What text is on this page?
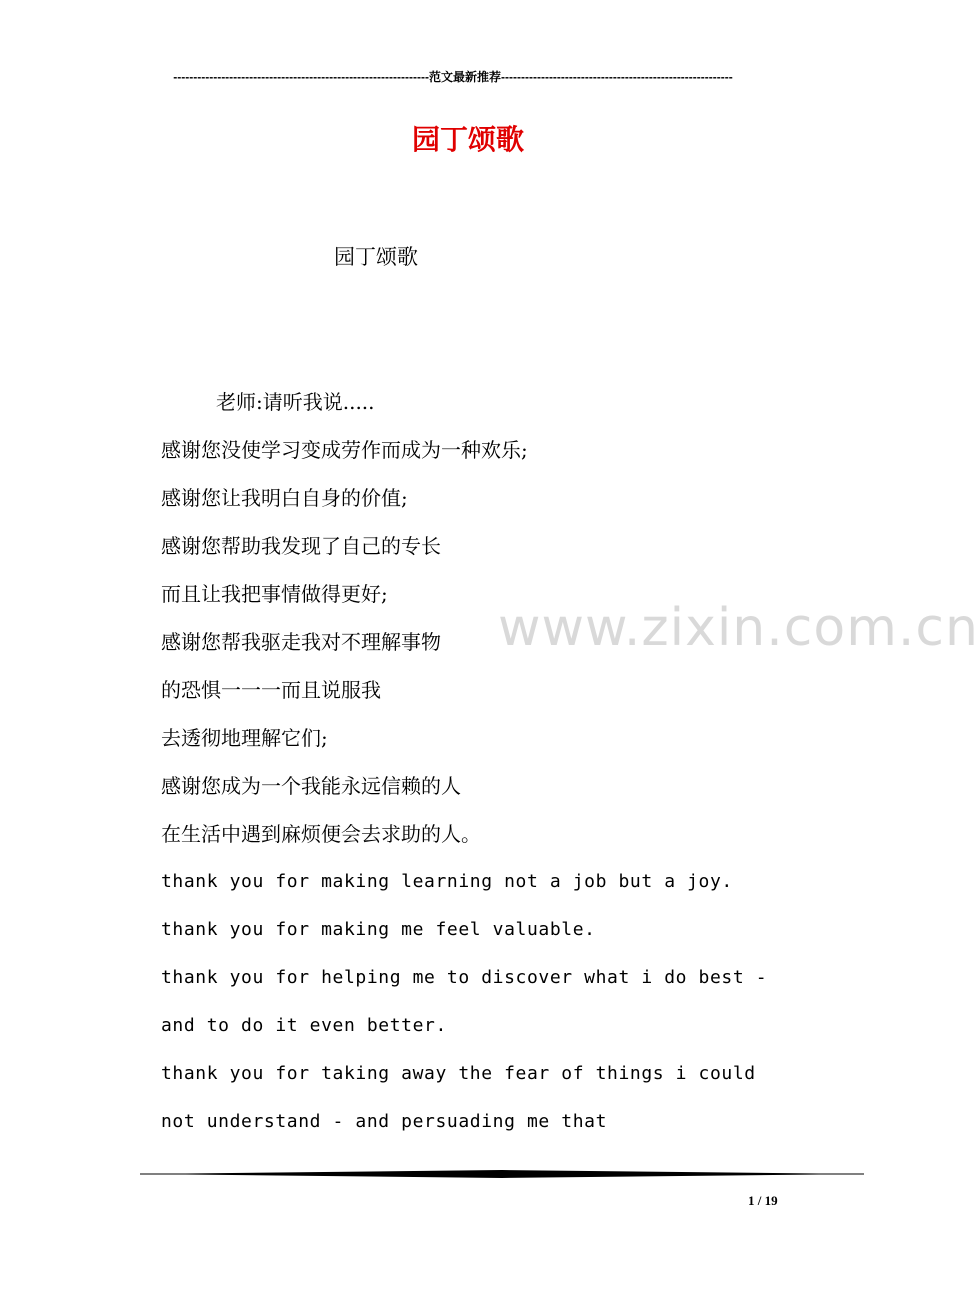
----------------------------------------------------------------范文最新推荐----------------------------------------------------------
园丁颂歌
园丁颂歌
老师:请听我说.....
感谢您没使学习变成劳作而成为一种欢乐;
感谢您让我明白自身的价值;
感谢您帮助我发现了自己的专长
而且让我把事情做得更好;
感谢您帮我驱走我对不理解事物
的恐惧一一一而且说服我
去透彻地理解它们;
感谢您成为一个我能永远信赖的人
在生活中遇到麻烦便会去求助的人。
thank you for making learning not a job but a joy.
thank you for making me feel valuable.
thank you for helping me to discover what i do best -
and to do it even better.
thank you for taking away the fear of things i could
not understand - and persuading me that
www.zixin.com.cn
1 / 19
